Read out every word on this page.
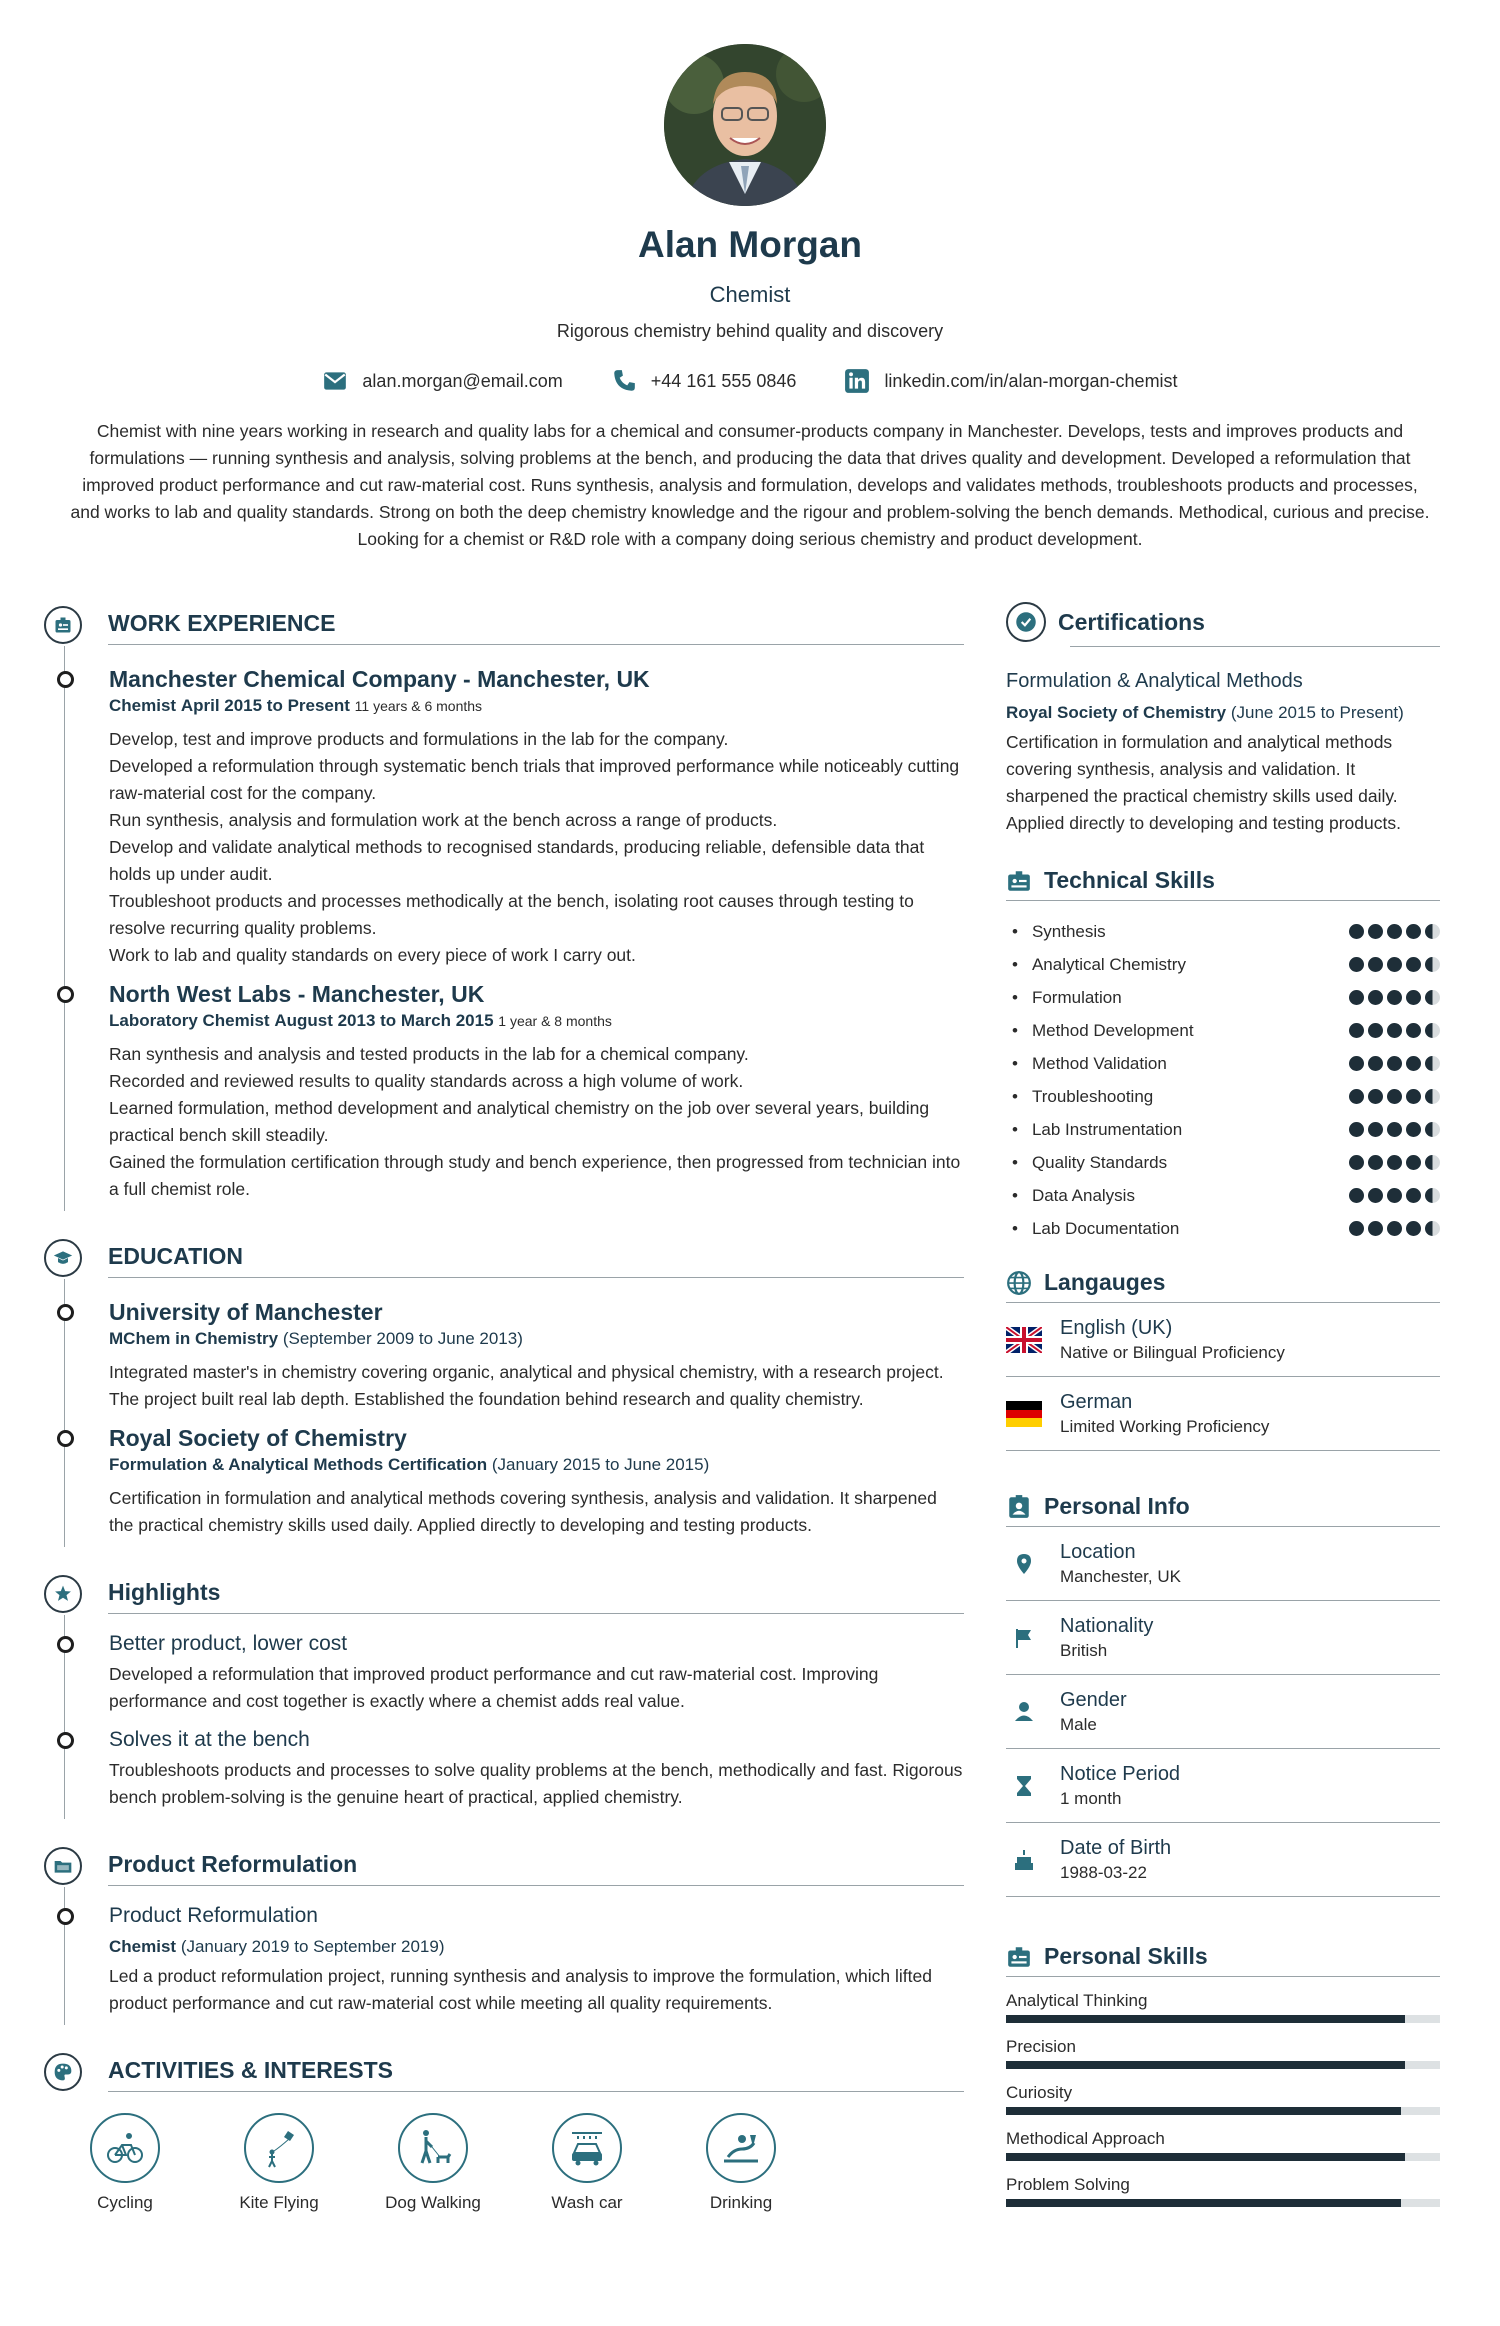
Alan Morgan
Chemist
Rigorous chemistry behind quality and discovery
alan.morgan@email.com	+44 161 555 0846	linkedin.com/in/alan-morgan-chemist
Chemist with nine years working in research and quality labs for a chemical and consumer-products company in Manchester. Develops, tests and improves products and formulations — running synthesis and analysis, solving problems at the bench, and producing the data that drives quality and development. Developed a reformulation that improved product performance and cut raw-material cost. Runs synthesis, analysis and formulation, develops and validates methods, troubleshoots products and processes, and works to lab and quality standards. Strong on both the deep chemistry knowledge and the rigour and problem-solving the bench demands. Methodical, curious and precise. Looking for a chemist or R&D role with a company doing serious chemistry and product development.
WORK EXPERIENCE
Manchester Chemical Company - Manchester, UK
Chemist April 2015 to Present 11 years & 6 months

Develop, test and improve products and formulations in the lab for the company.

Developed a reformulation through systematic bench trials that improved performance while noticeably cutting raw-material cost for the company.

Run synthesis, analysis and formulation work at the bench across a range of products.

Develop and validate analytical methods to recognised standards, producing reliable, defensible data that holds up under audit.

Troubleshoot products and processes methodically at the bench, isolating root causes through testing to resolve recurring quality problems.

Work to lab and quality standards on every piece of work I carry out.

North West Labs - Manchester, UK
Laboratory Chemist August 2013 to March 2015 1 year & 8 months

Ran synthesis and analysis and tested products in the lab for a chemical company.

Recorded and reviewed results to quality standards across a high volume of work.

Learned formulation, method development and analytical chemistry on the job over several years, building practical bench skill steadily.

Gained the formulation certification through study and bench experience, then progressed from technician into a full chemist role.

EDUCATION
University of Manchester
MChem in Chemistry (September 2009 to June 2013)
Integrated master's in chemistry covering organic, analytical and physical chemistry, with a research project. The project built real lab depth. Established the foundation behind research and quality chemistry.
Royal Society of Chemistry
Formulation & Analytical Methods Certification (January 2015 to June 2015)
Certification in formulation and analytical methods covering synthesis, analysis and validation. It sharpened the practical chemistry skills used daily. Applied directly to developing and testing products.
Highlights
Better product, lower cost
Developed a reformulation that improved product performance and cut raw-material cost. Improving performance and cost together is exactly where a chemist adds real value.
Solves it at the bench
Troubleshoots products and processes to solve quality problems at the bench, methodically and fast. Rigorous bench problem-solving is the genuine heart of practical, applied chemistry.
Product Reformulation
Product Reformulation
Chemist (January 2019 to September 2019)
Led a product reformulation project, running synthesis and analysis to improve the formulation, which lifted product performance and cut raw-material cost while meeting all quality requirements.
ACTIVITIES & INTERESTS
Cycling	Kite Flying	Dog Walking	Wash car	Drinking
Certifications
Formulation & Analytical Methods
Royal Society of Chemistry (June 2015 to Present)
Certification in formulation and analytical methods covering synthesis, analysis and validation. It sharpened the practical chemistry skills used daily. Applied directly to developing and testing products.
Technical Skills
• Synthesis
• Analytical Chemistry
• Formulation
• Method Development
• Method Validation
• Troubleshooting
• Lab Instrumentation
• Quality Standards
• Data Analysis
• Lab Documentation
Langauges
English (UK)
Native or Bilingual Proficiency
German
Limited Working Proficiency
Personal Info
Location
Manchester, UK
Nationality
British
Gender
Male
Notice Period
1 month
Date of Birth
1988-03-22
Personal Skills
Analytical Thinking
Precision
Curiosity
Methodical Approach
Problem Solving
